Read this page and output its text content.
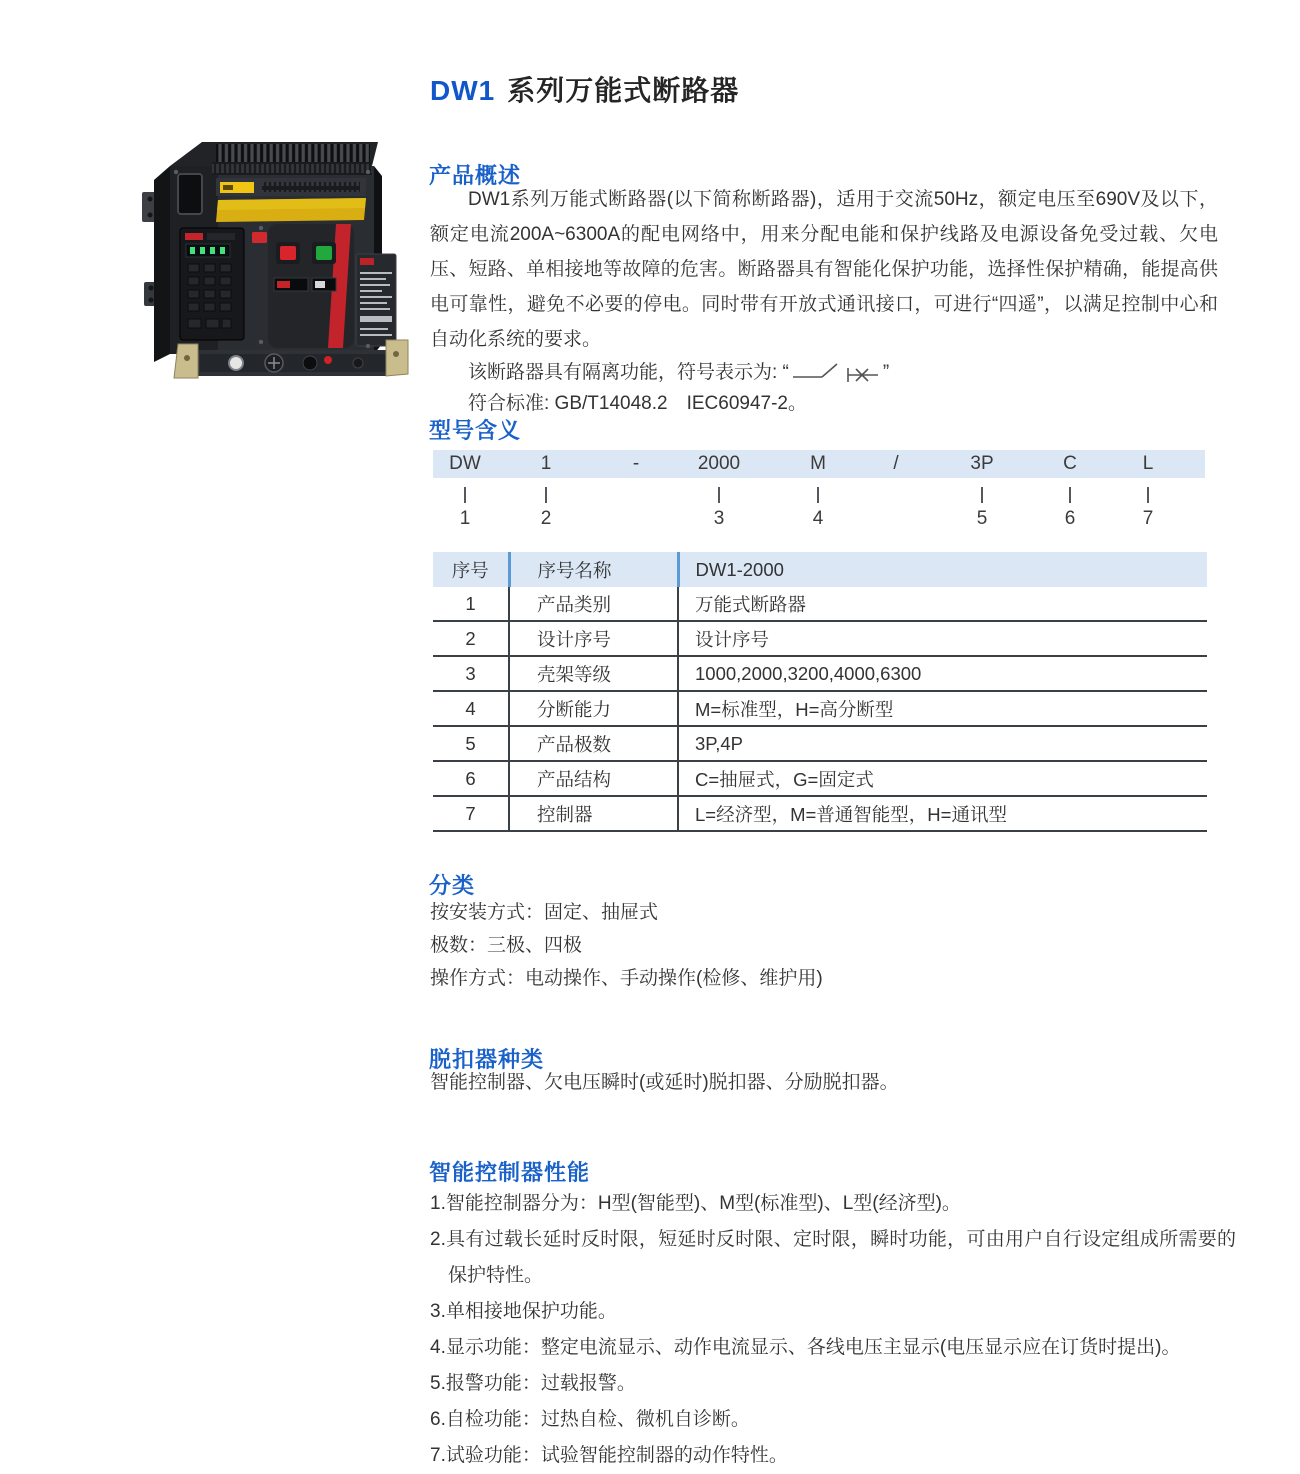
DW1 系列万能式断路器
产品概述

DW1系列万能式断路器(以下简称断路器)，适用于交流50Hz，额定电压至690V及以下，额定电流200A~6300A的配电网络中，用来分配电能和保护线路及电源设备免受过载、欠电压、短路、单相接地等故障的危害。断路器具有智能化保护功能，选择性保护精确，能提高供电可靠性，避免不必要的停电。同时带有开放式通讯接口，可进行“四遥”，以满足控制中心和自动化系统的要求。

该断路器具有隔离功能，符号表示为: “	”
符合标准: GB/T14048.2　IEC60947-2。
型号含义
DW	1	-	2000	M	/	3P	C	L
1	2	3	4	5	6	7
序号	序号名称	DW1-2000
1	产品类别	万能式断路器
2	设计序号	设计序号
3	壳架等级	1000,2000,3200,4000,6300
4	分断能力	M=标准型，H=高分断型
5	产品极数	3P,4P
6	产品结构	C=抽屉式，G=固定式
7	控制器	L=经济型，M=普通智能型，H=通讯型
分类
按安装方式：固定、抽屉式
极数：三极、四极
操作方式：电动操作、手动操作(检修、维护用)
脱扣器种类
智能控制器、欠电压瞬时(或延时)脱扣器、分励脱扣器。
智能控制器性能
1.智能控制器分为：H型(智能型)、M型(标准型)、L型(经济型)。
2.具有过载长延时反时限，短延时反时限、定时限，瞬时功能，可由用户自行设定组成所需要的保护特性。
3.单相接地保护功能。
4.显示功能：整定电流显示、动作电流显示、各线电压主显示(电压显示应在订货时提出)。
5.报警功能：过载报警。
6.自检功能：过热自检、微机自诊断。
7.试验功能：试验智能控制器的动作特性。
